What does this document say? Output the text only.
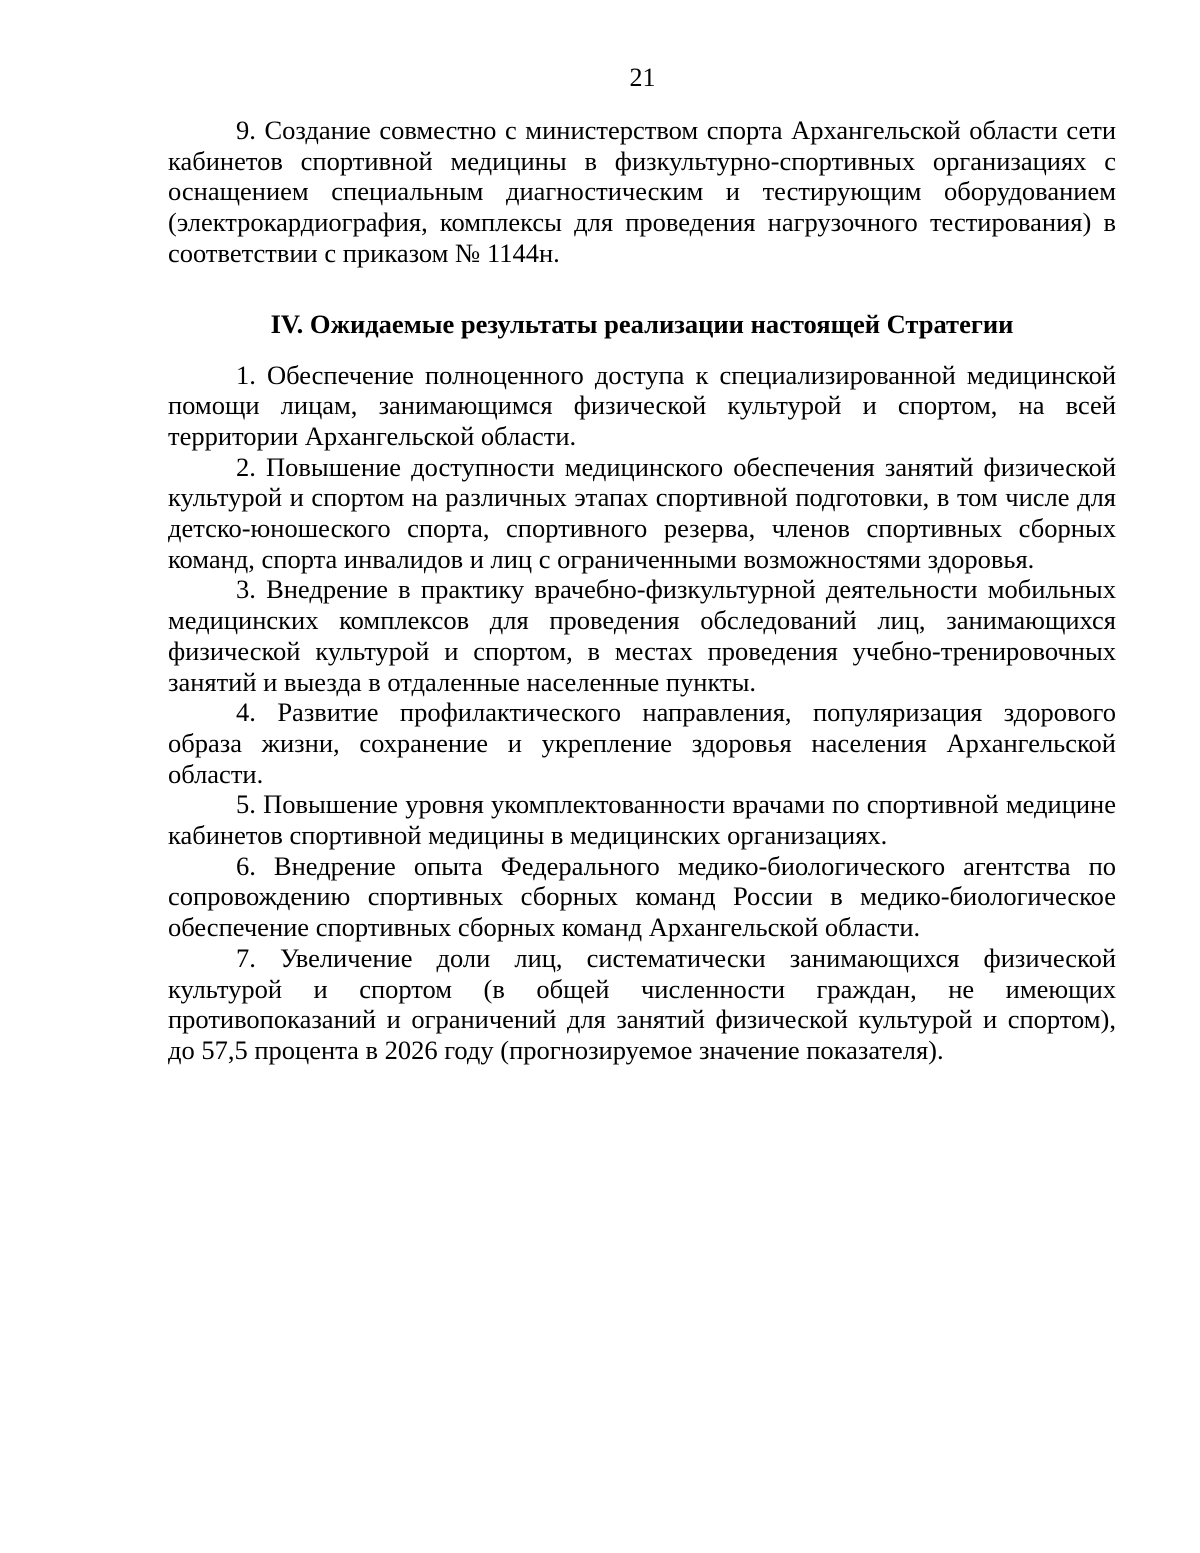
21

9. Создание совместно с министерством спорта Архангельской области сети кабинетов спортивной медицины в физкультурно-спортивных организациях с оснащением специальным диагностическим и тестирующим оборудованием (электрокардиография, комплексы для проведения нагрузочного тестирования) в соответствии с приказом № 1144н.

IV. Ожидаемые результаты реализации настоящей Стратегии

1. Обеспечение полноценного доступа к специализированной медицинской помощи лицам, занимающимся физической культурой и спортом, на всей территории Архангельской области.

2. Повышение доступности медицинского обеспечения занятий физической культурой и спортом на различных этапах спортивной подготовки, в том числе для детско-юношеского спорта, спортивного резерва, членов спортивных сборных команд, спорта инвалидов и лиц с ограниченными возможностями здоровья.

3. Внедрение в практику врачебно-физкультурной деятельности мобильных медицинских комплексов для проведения обследований лиц, занимающихся физической культурой и спортом, в местах проведения учебно-тренировочных занятий и выезда в отдаленные населенные пункты.

4. Развитие профилактического направления, популяризация здорового образа жизни, сохранение и укрепление здоровья населения Архангельской области.

5. Повышение уровня укомплектованности врачами по спортивной медицине кабинетов спортивной медицины в медицинских организациях.

6. Внедрение опыта Федерального медико-биологического агентства по сопровождению спортивных сборных команд России в медико-биологическое обеспечение спортивных сборных команд Архангельской области.

7. Увеличение доли лиц, систематически занимающихся физической культурой и спортом (в общей численности граждан, не имеющих противопоказаний и ограничений для занятий физической культурой и спортом), до 57,5 процента в 2026 году (прогнозируемое значение показателя).
